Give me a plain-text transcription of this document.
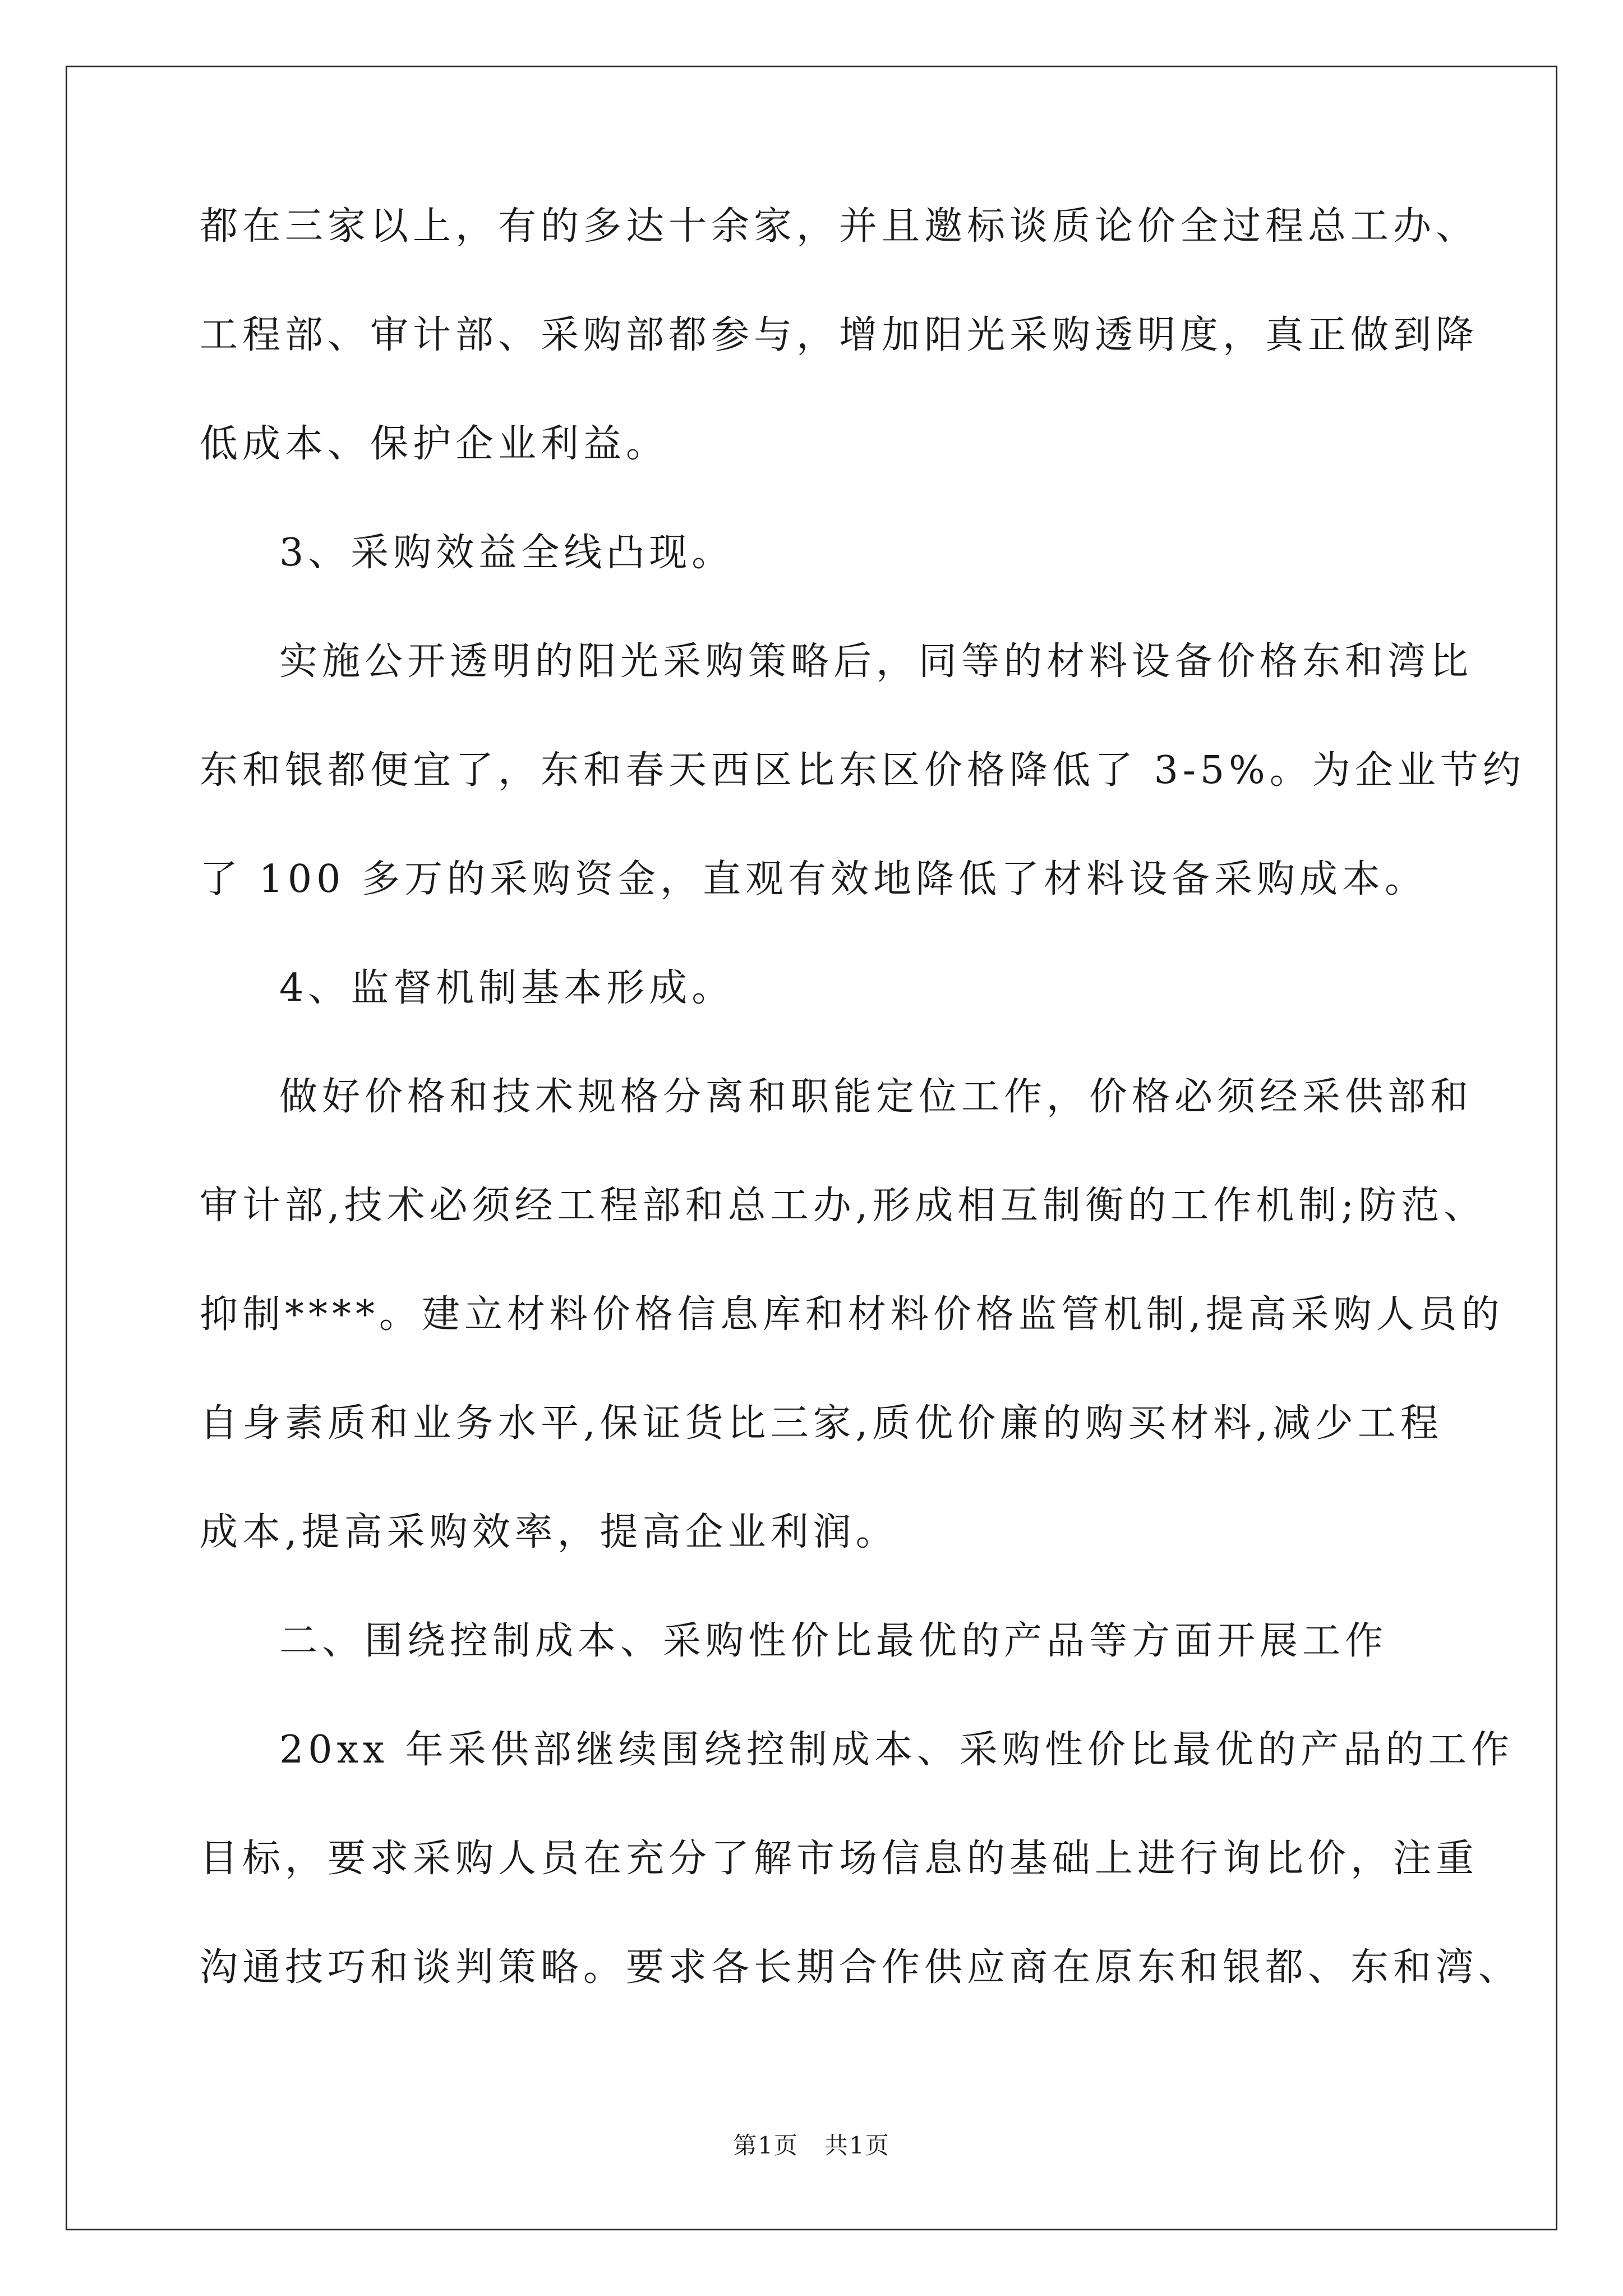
都在三家以上，有的多达十余家，并且邀标谈质论价全过程总工办、
工程部、审计部、采购部都参与，增加阳光采购透明度，真正做到降
低成本、保护企业利益。
3、采购效益全线凸现。
实施公开透明的阳光采购策略后，同等的材料设备价格东和湾比
东和银都便宜了，东和春天西区比东区价格降低了 3-5%。为企业节约
了 100 多万的采购资金，直观有效地降低了材料设备采购成本。
4、监督机制基本形成。
做好价格和技术规格分离和职能定位工作，价格必须经采供部和
审计部,技术必须经工程部和总工办,形成相互制衡的工作机制;防范、
抑制****。建立材料价格信息库和材料价格监管机制,提高采购人员的
自身素质和业务水平,保证货比三家,质优价廉的购买材料,减少工程
成本,提高采购效率，提高企业利润。
二、围绕控制成本、采购性价比最优的产品等方面开展工作
20xx 年采供部继续围绕控制成本、采购性价比最优的产品的工作
目标，要求采购人员在充分了解市场信息的基础上进行询比价，注重
沟通技巧和谈判策略。要求各长期合作供应商在原东和银都、东和湾、
第1页   共1页
